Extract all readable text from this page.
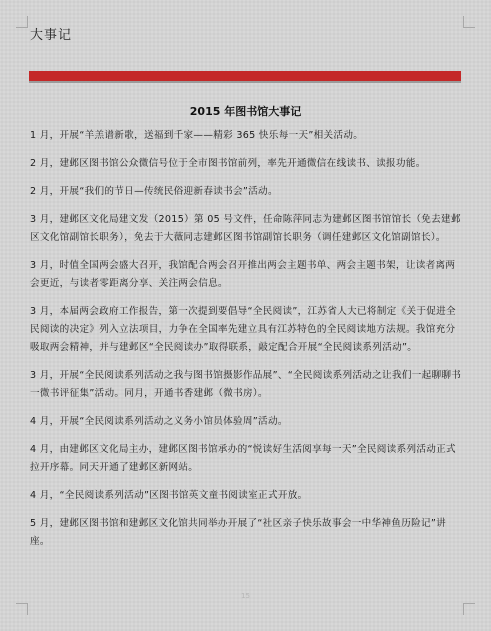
大事记
2015 年图书馆大事记

1 月，开展“羊羔谱新歌，送福到千家——精彩 365 快乐每一天”相关活动。

2 月，建邺区图书馆公众微信号位于全市图书馆前列，率先开通微信在线读书、读报功能。

2 月，开展“我们的节日—传统民俗迎新春读书会”活动。

3 月，建邺区文化局建文发（2015）第 05 号文件，任命陈萍同志为建邺区图书馆馆长（免去建邺区文化馆副馆长职务），免去于大薇同志建邺区图书馆副馆长职务（调任建邺区文化馆副馆长）。

3 月，时值全国两会盛大召开，我馆配合两会召开推出两会主题书单、两会主题书架，让读者离两会更近，与读者零距离分享、关注两会信息。

3 月，本届两会政府工作报告，第一次提到要倡导“全民阅读”，江苏省人大已将制定《关于促进全民阅读的决定》列入立法项目，力争在全国率先建立具有江苏特色的全民阅读地方法规。我馆充分吸取两会精神，并与建邺区“全民阅读办”取得联系，敲定配合开展“全民阅读系列活动”。

3 月，开展“全民阅读系列活动之我与图书馆摄影作品展”、“全民阅读系列活动之让我们一起聊聊书一微书评征集”活动。同月，开通书香建邺（微书房）。

4 月，开展“全民阅读系列活动之义务小馆员体验周”活动。

4 月，由建邺区文化局主办，建邺区图书馆承办的“悦读好生活阅享每一天”全民阅读系列活动正式拉开序幕。同天开通了建邺区新网站。

4 月，“全民阅读系列活动”区图书馆英文童书阅读室正式开放。

5 月，建邺区图书馆和建邺区文化馆共同举办开展了“社区亲子快乐故事会一中华神鱼历险记”讲座。

15
